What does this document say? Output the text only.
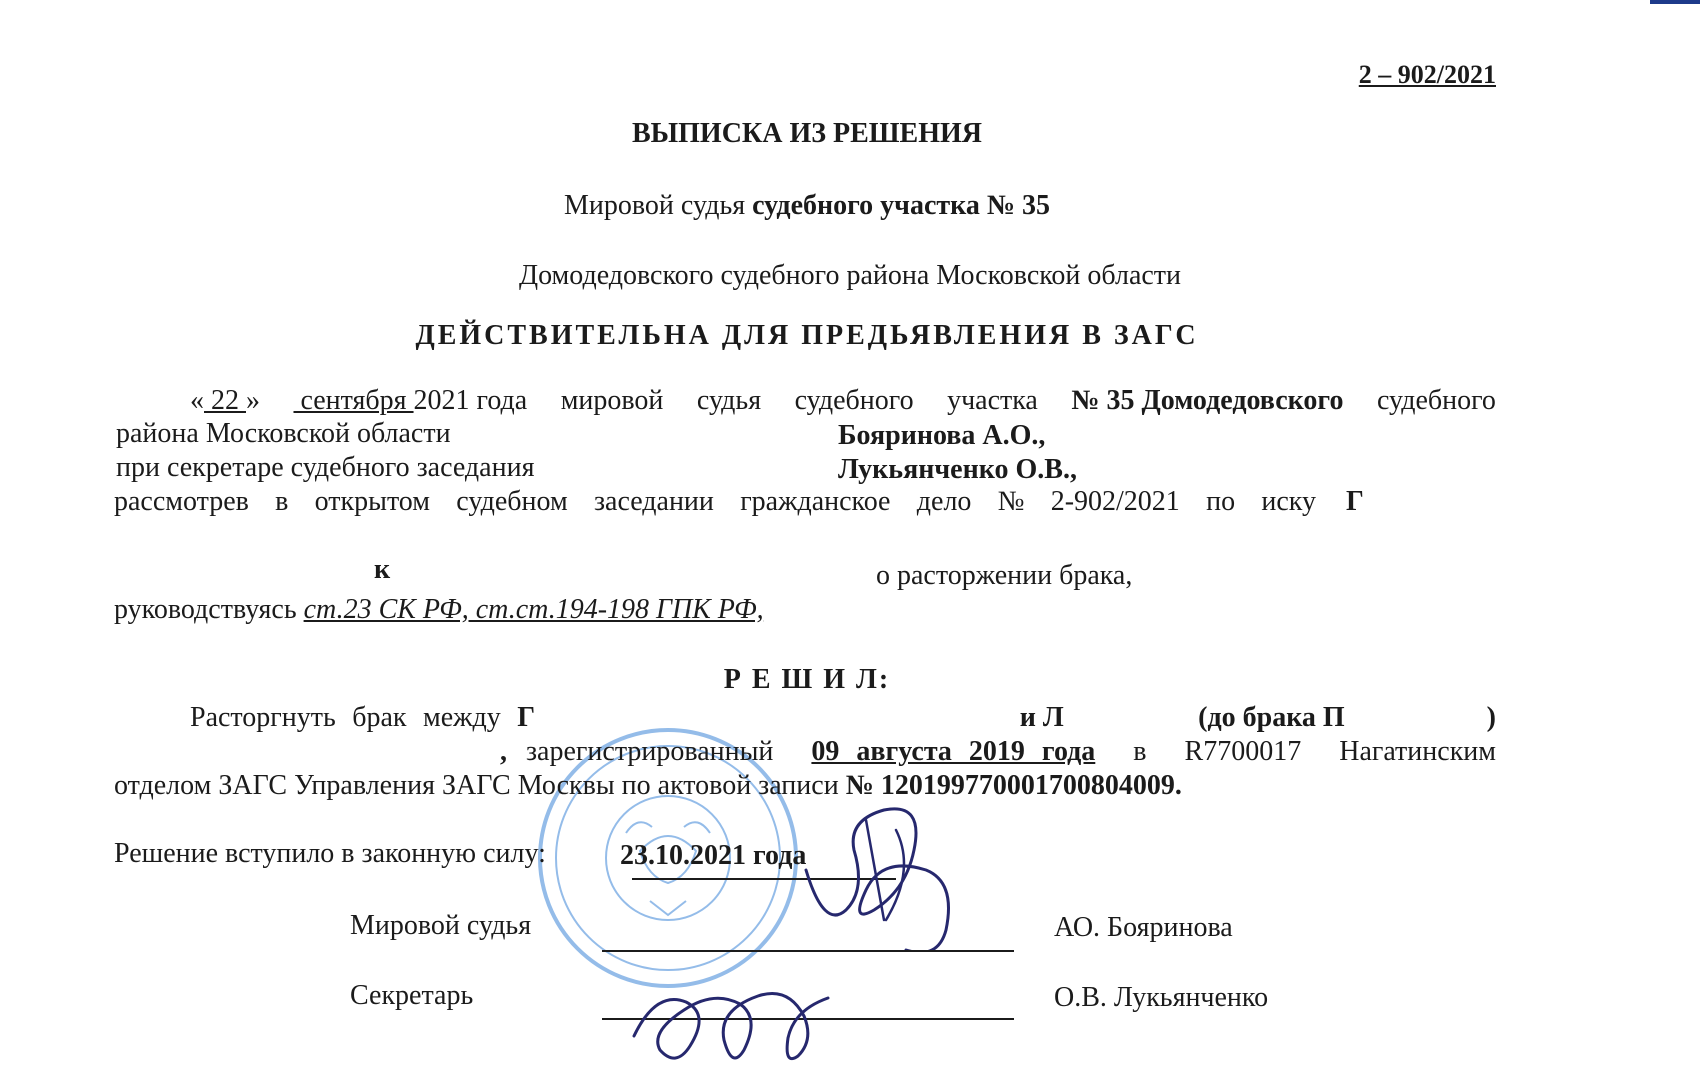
2 – 902/2021
ВЫПИСКА ИЗ РЕШЕНИЯ
Мировой судья судебного участка № 35
Домодедовского судебного района Московской области
ДЕЙСТВИТЕЛЬНА ДЛЯ ПРЕДЬЯВЛЕНИЯ В ЗАГС
« 22 » сентября 2021 года мировой судья судебного участка № 35 Домодедовского судебного
района Московской области	Бояринова А.О.,
при секретаре судебного заседания	Лукьянченко О.В.,
рассмотрев в открытом судебном заседании гражданское дело № 2-902/2021 по иску Г
к	о расторжении брака,
руководствуясь ст.23 СК РФ, ст.ст.194-198 ГПК РФ,
Р Е Ш И Л:
Расторгнуть брак между Г	и Л	(до брака П	)
, зарегистрированный 09 августа 2019 года в R7700017 Нагатинским
отделом ЗАГС Управления ЗАГС Москвы по актовой записи № 120199770001700804009.
Решение вступило в законную силу:	23.10.2021 года
Мировой судья	АО. Бояринова
Секретарь	О.В. Лукьянченко
